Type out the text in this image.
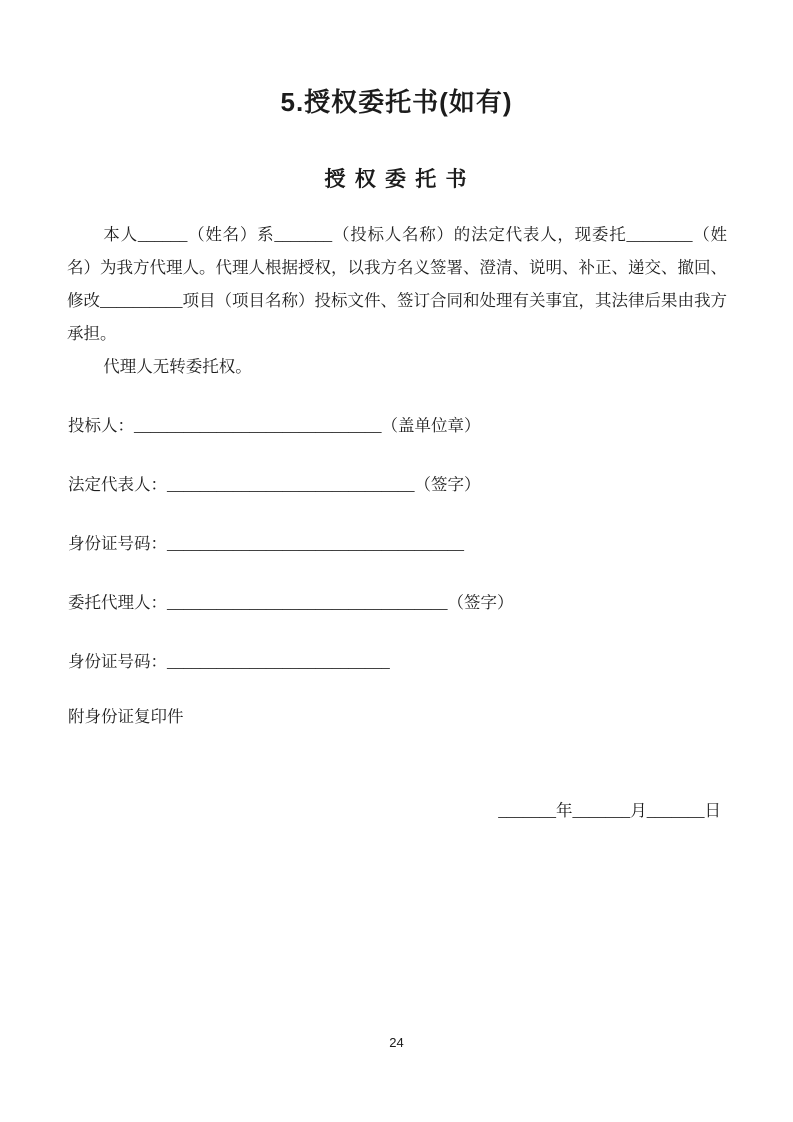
5.授权委托书(如有)
授 权 委 托 书

本人______（姓名）系_______（投标人名称）的法定代表人，现委托________（姓名）为我方代理人。代理人根据授权，以我方名义签署、澄清、说明、补正、递交、撤回、修改__________项目（项目名称）投标文件、签订合同和处理有关事宜，其法律后果由我方承担。

代理人无转委托权。

投标人：______________________________（盖单位章）
法定代表人：______________________________（签字）
身份证号码：____________________________________
委托代理人：__________________________________（签字）
身份证号码：___________________________
附身份证复印件
_______年_______月_______日
24
